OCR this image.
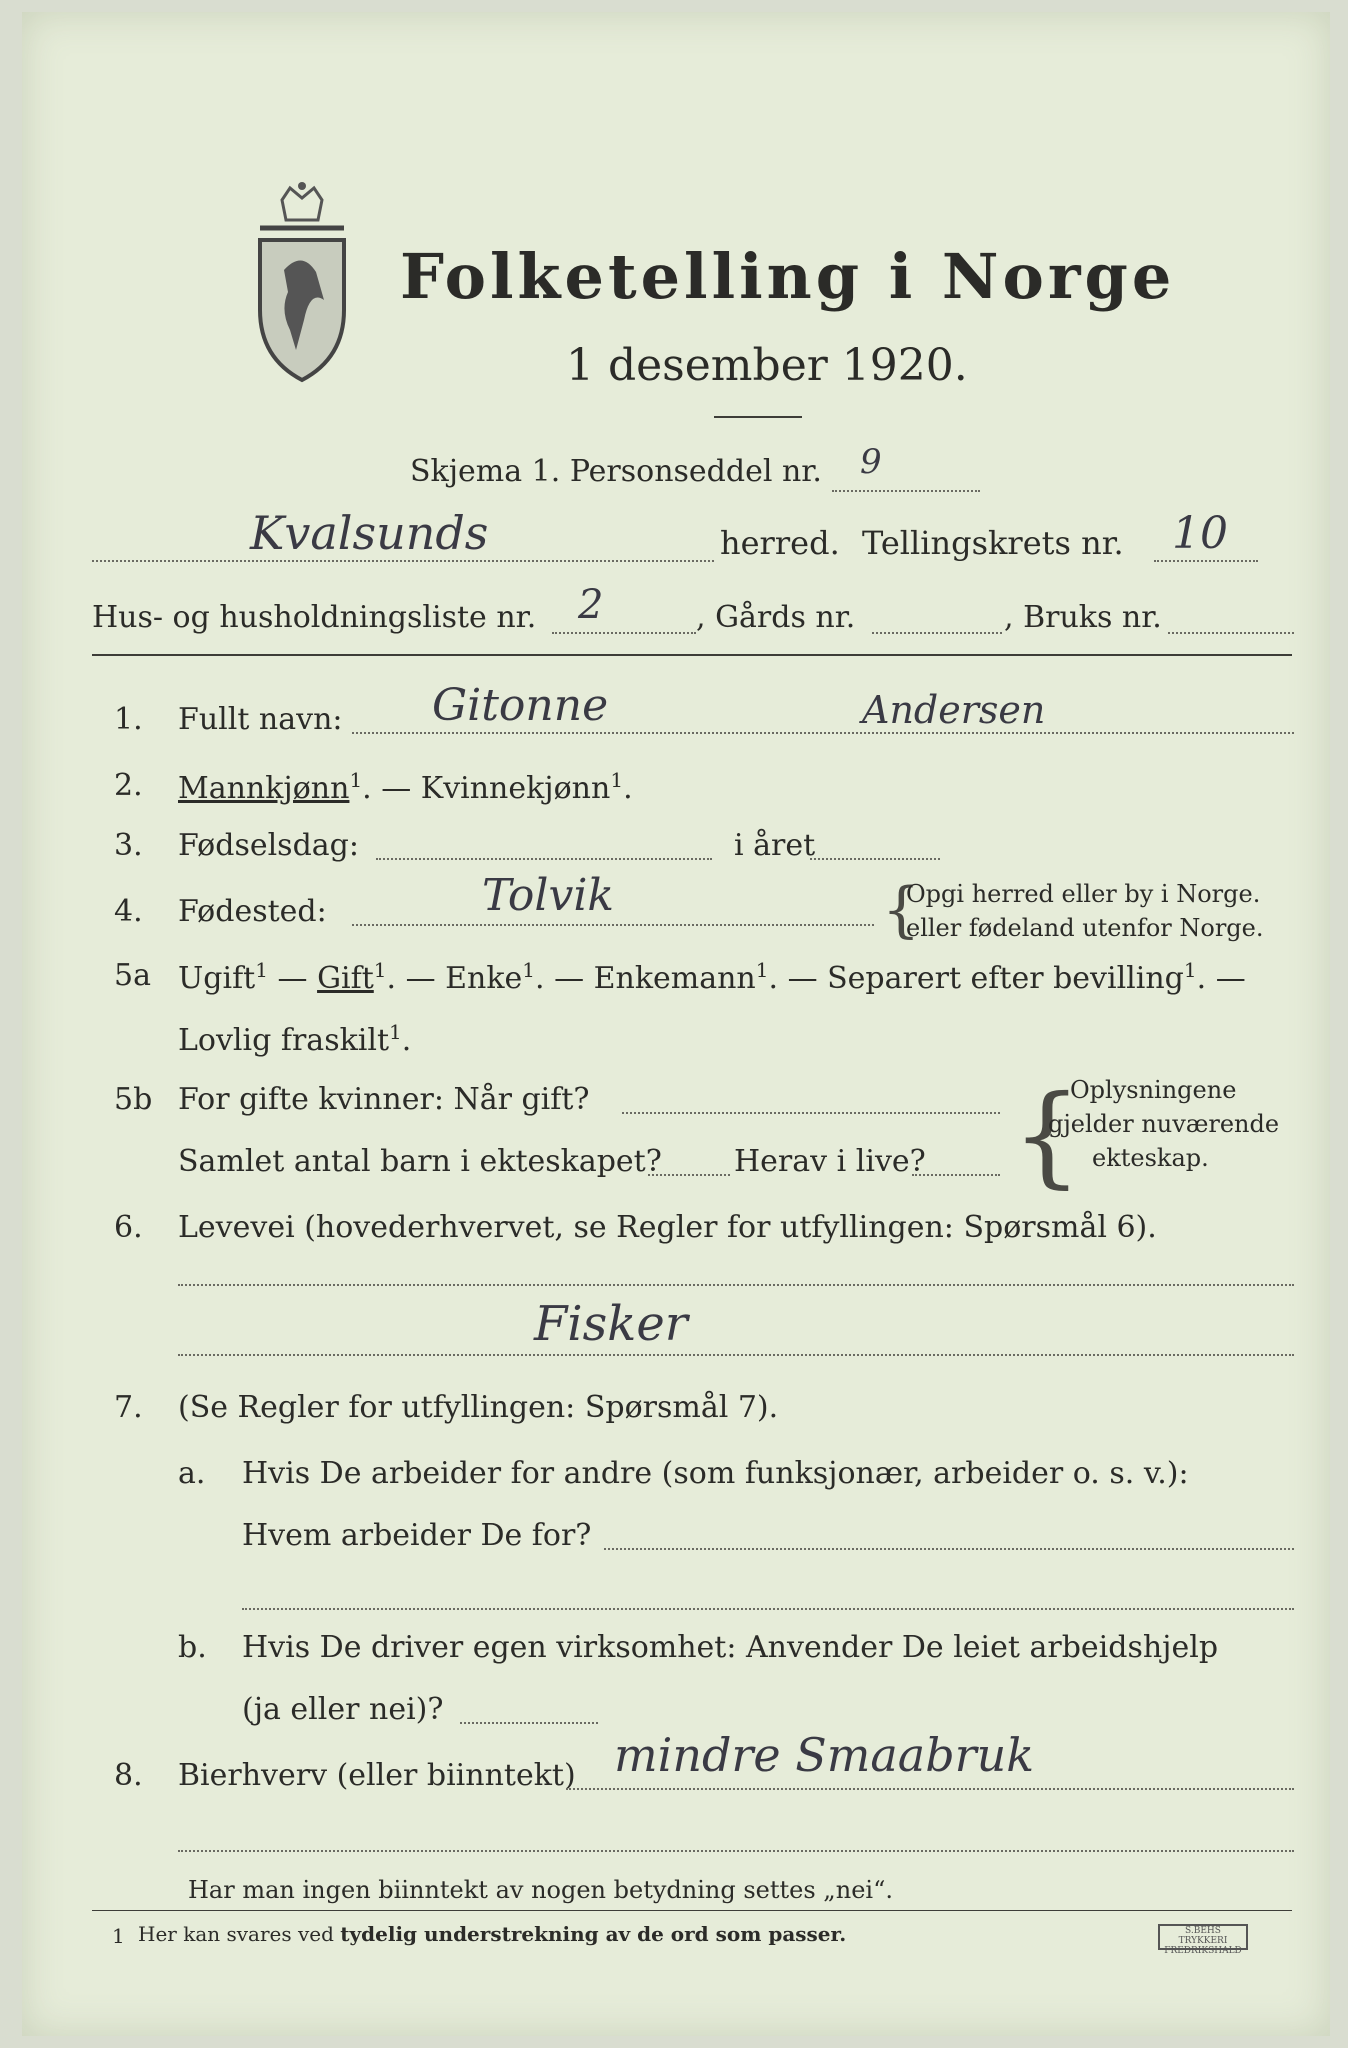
Folketelling i Norge
1 desember 1920.
Skjema 1. Personseddel nr. 9
Kvalsunds	herred. Tellingskrets nr. 10
Hus- og husholdningsliste nr. 2	, Gårds nr.	, Bruks nr.
1. Fullt navn: Gitonne	Andersen
2. Mannkjønn$^1$. — Kvinnekjønn$^1$.
3. Fødselsdag:	i året
4. Fødested:	Tolvik	{
Opgi herred eller by i Norge.
eller fødeland utenfor Norge.
5a Ugift$^1$ — Gift$^1$. — Enke$^1$. — Enkemann$^1$. — Separert efter bevilling$^1$. —
Lovlig fraskilt$^1$.
5b For gifte kvinner: Når gift?
Samlet antal barn i ekteskapet? Herav i live? {
Oplysningene
gjelder nuværende
ekteskap.
6. Levevei (hovederhvervet, se Regler for utfyllingen: Spørsmål 6).
Fisker
7. (Se Regler for utfyllingen: Spørsmål 7).
a. Hvis De arbeider for andre (som funksjonær, arbeider o. s. v.):
Hvem arbeider De for?
b. Hvis De driver egen virksomhet: Anvender De leiet arbeidshjelp
(ja eller nei)?
8. Bierhverv (eller biinntekt) mindre Smaabruk
Har man ingen biinntekt av nogen betydning settes „nei“.
1 Her kan svares ved tydelig understrekning av de ord som passer.	S.BEHS TRYKKERI FREDRIKSHALD
